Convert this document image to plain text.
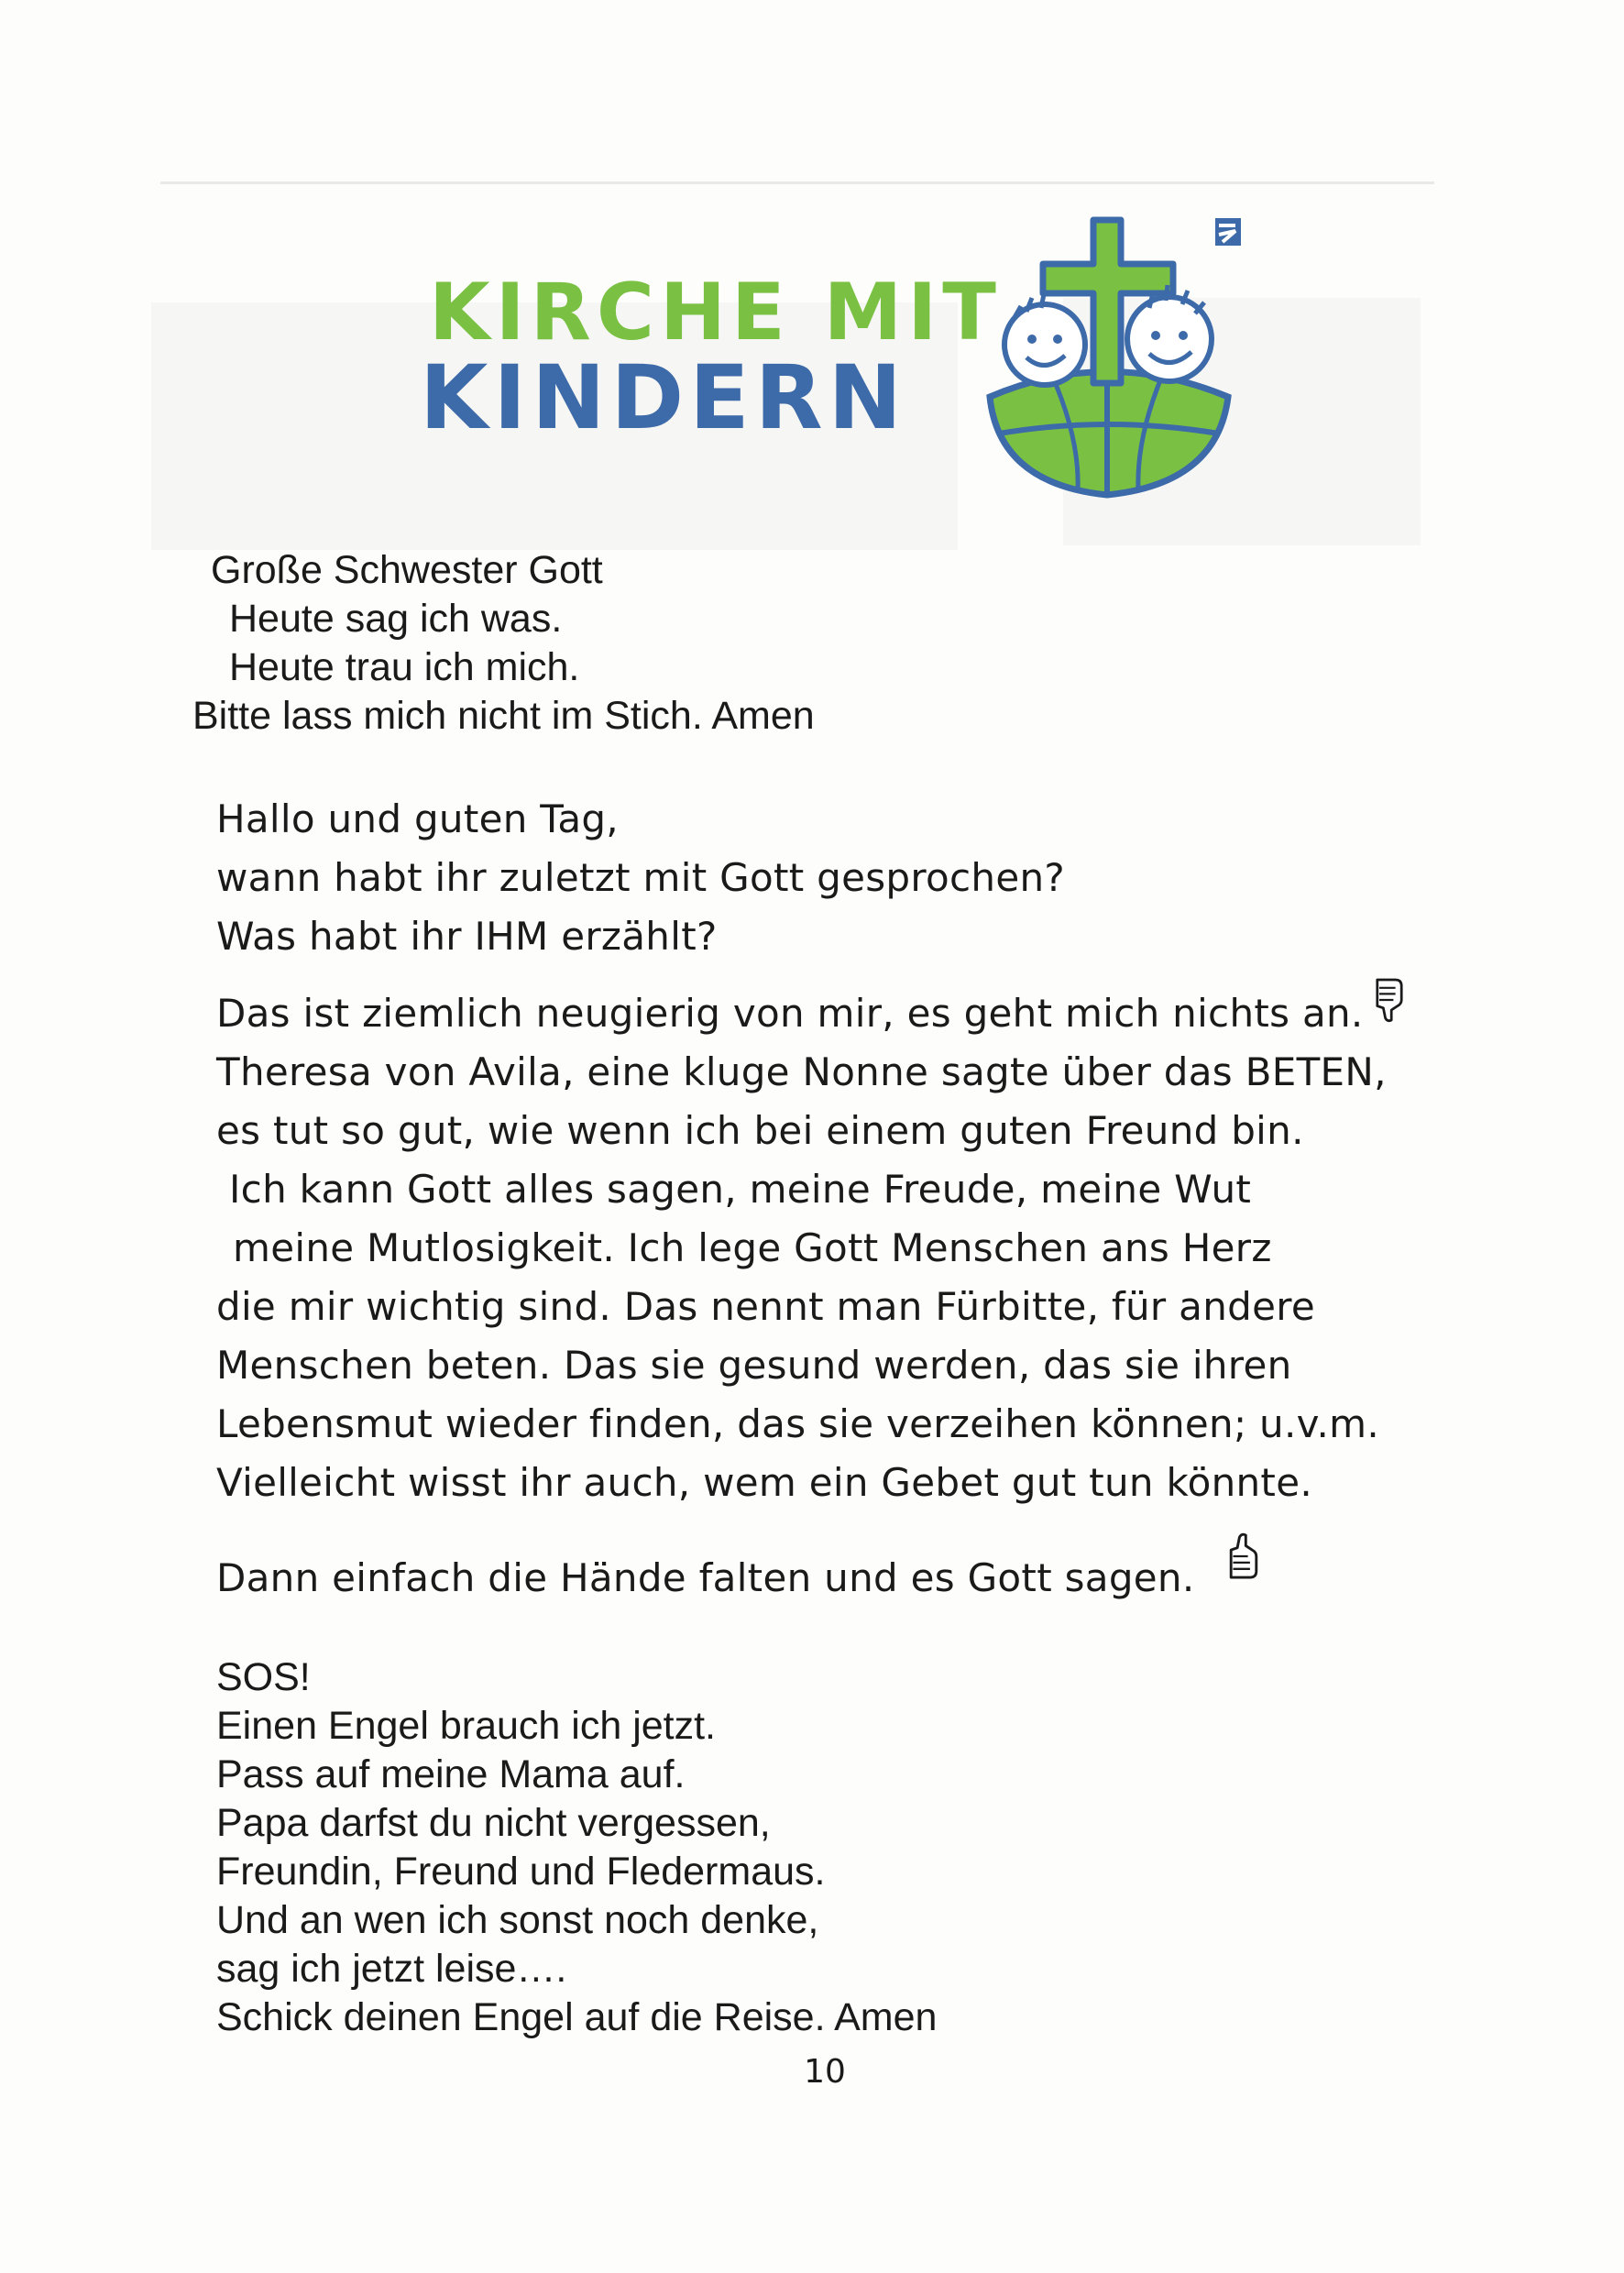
KIRCHE MIT
KINDERN
Große Schwester Gott
Heute sag ich was.
Heute trau ich mich.
Bitte lass mich nicht im Stich. Amen
Hallo und guten Tag,
wann habt ihr zuletzt mit Gott gesprochen?
Was habt ihr IHM erzählt?
Das ist ziemlich neugierig von mir, es geht mich nichts an.
Theresa von Avila, eine kluge Nonne sagte über das BETEN,
es tut so gut, wie wenn ich bei einem guten Freund bin.
Ich kann Gott alles sagen, meine Freude, meine Wut
meine Mutlosigkeit. Ich lege Gott Menschen ans Herz
die mir wichtig sind. Das nennt man Fürbitte, für andere
Menschen beten. Das sie gesund werden, das sie ihren
Lebensmut wieder finden, das sie verzeihen können; u.v.m.
Vielleicht wisst ihr auch, wem ein Gebet gut tun könnte.
Dann einfach die Hände falten und es Gott sagen.
SOS!
Einen Engel brauch ich jetzt.
Pass auf meine Mama auf.
Papa darfst du nicht vergessen,
Freundin, Freund und Fledermaus.
Und an wen ich sonst noch denke,
sag ich jetzt leise….
Schick deinen Engel auf die Reise. Amen
10
